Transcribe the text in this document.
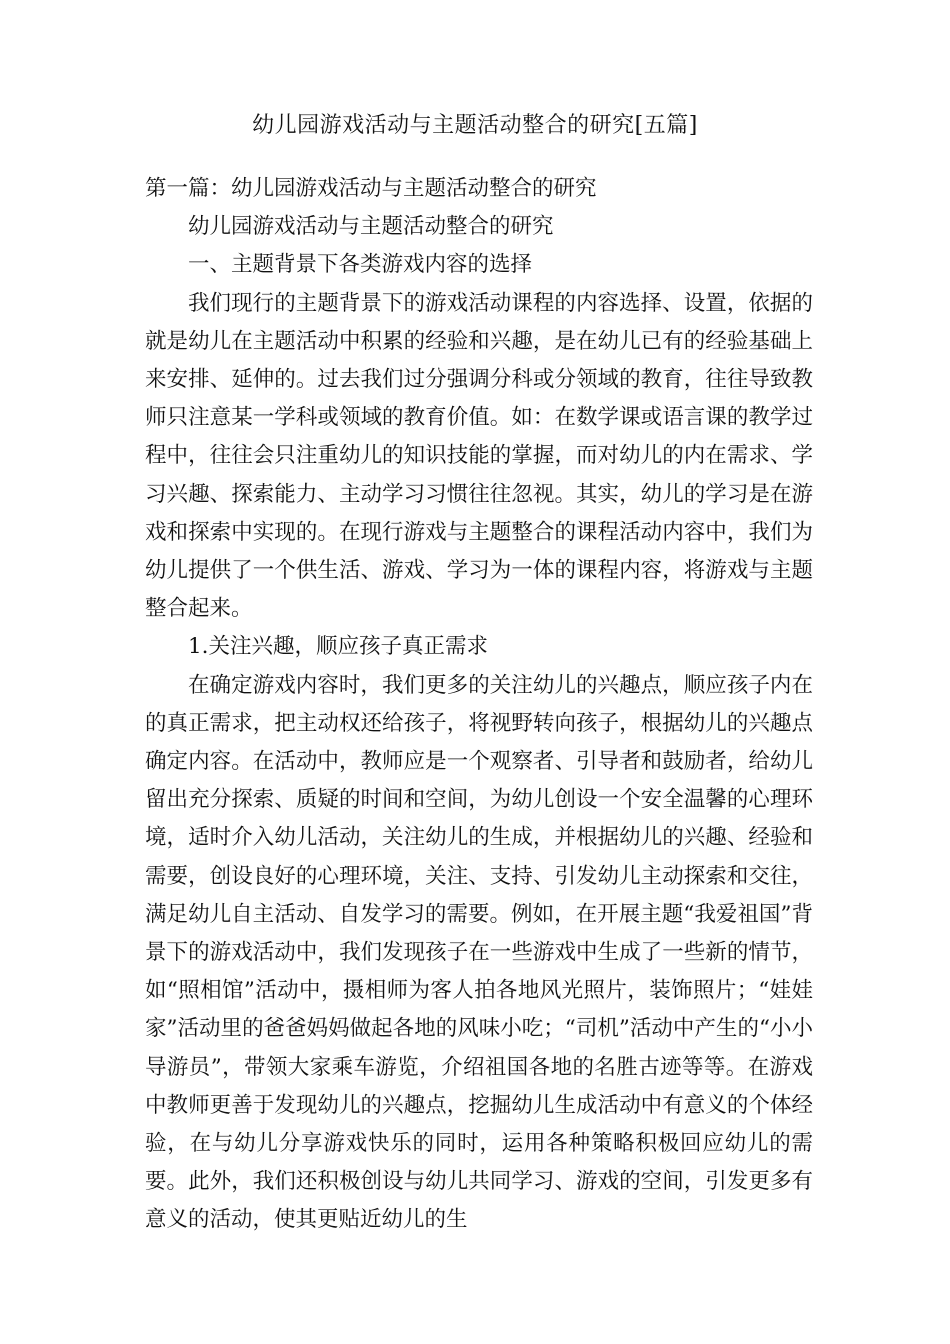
幼儿园游戏活动与主题活动整合的研究[五篇]

第一篇：幼儿园游戏活动与主题活动整合的研究

幼儿园游戏活动与主题活动整合的研究

一、主题背景下各类游戏内容的选择

我们现行的主题背景下的游戏活动课程的内容选择、设置，依据的就是幼儿在主题活动中积累的经验和兴趣，是在幼儿已有的经验基础上来安排、延伸的。过去我们过分强调分科或分领域的教育，往往导致教师只注意某一学科或领域的教育价值。如：在数学课或语言课的教学过程中，往往会只注重幼儿的知识技能的掌握，而对幼儿的内在需求、学习兴趣、探索能力、主动学习习惯往往忽视。其实，幼儿的学习是在游戏和探索中实现的。在现行游戏与主题整合的课程活动内容中，我们为幼儿提供了一个供生活、游戏、学习为一体的课程内容，将游戏与主题整合起来。

1.关注兴趣，顺应孩子真正需求

在确定游戏内容时，我们更多的关注幼儿的兴趣点，顺应孩子内在的真正需求，把主动权还给孩子，将视野转向孩子，根据幼儿的兴趣点确定内容。在活动中，教师应是一个观察者、引导者和鼓励者，给幼儿留出充分探索、质疑的时间和空间，为幼儿创设一个安全温馨的心理环境，适时介入幼儿活动，关注幼儿的生成，并根据幼儿的兴趣、经验和需要，创设良好的心理环境，关注、支持、引发幼儿主动探索和交往，满足幼儿自主活动、自发学习的需要。例如，在开展主题“我爱祖国”背景下的游戏活动中，我们发现孩子在一些游戏中生成了一些新的情节，如“照相馆”活动中，摄相师为客人拍各地风光照片，装饰照片；“娃娃家”活动里的爸爸妈妈做起各地的风味小吃；“司机”活动中产生的“小小导游员”，带领大家乘车游览，介绍祖国各地的名胜古迹等等。在游戏中教师更善于发现幼儿的兴趣点，挖掘幼儿生成活动中有意义的个体经验，在与幼儿分享游戏快乐的同时，运用各种策略积极回应幼儿的需要。此外，我们还积极创设与幼儿共同学习、游戏的空间，引发更多有意义的活动，使其更贴近幼儿的生
